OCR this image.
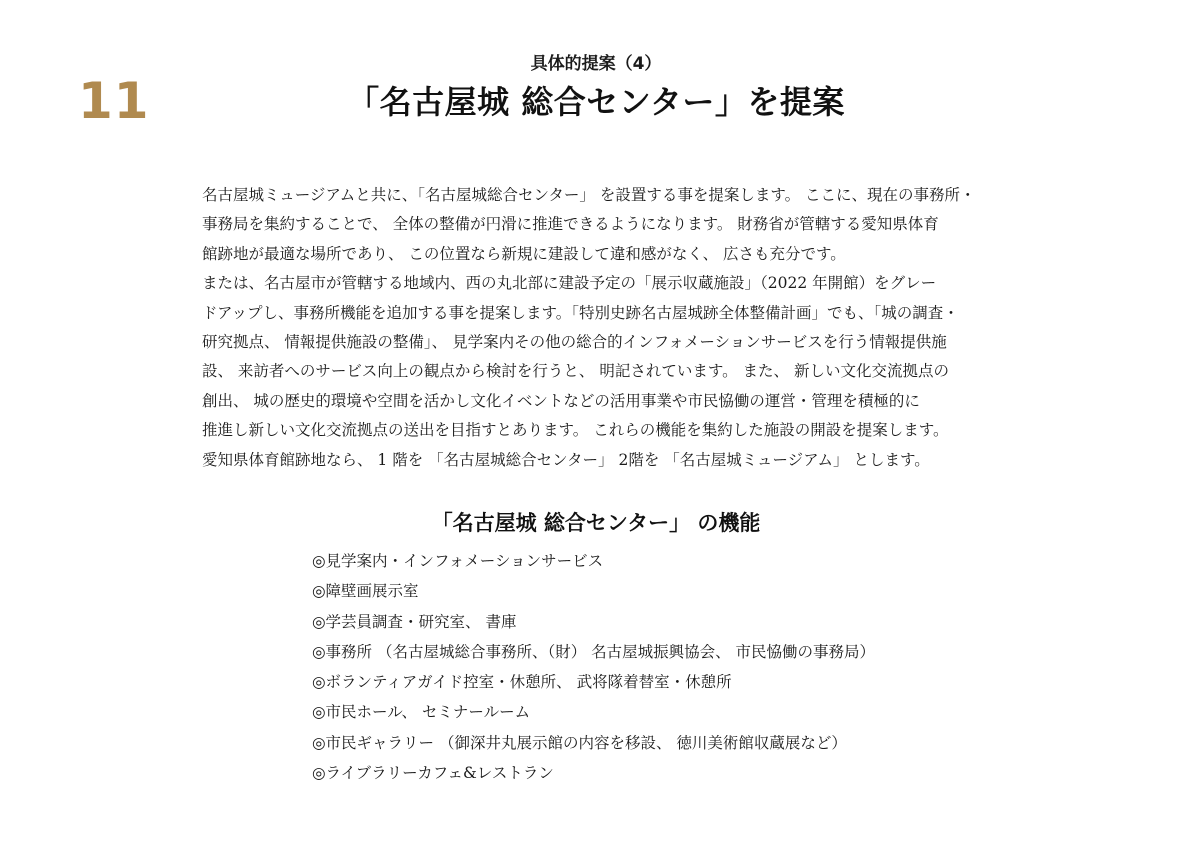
11
具体的提案（4）
「名古屋城 総合センター」を提案
名古屋城ミュージアムと共に、「名古屋城総合センター」 を設置する事を提案します。 ここに、現在の事務所・
事務局を集約することで、 全体の整備が円滑に推進できるようになります。 財務省が管轄する愛知県体育
館跡地が最適な場所であり、 この位置なら新規に建設して違和感がなく、 広さも充分です。
または、名古屋市が管轄する地域内、西の丸北部に建設予定の「展示収蔵施設」（2022 年開館）をグレー
ドアップし、事務所機能を追加する事を提案します。「特別史跡名古屋城跡全体整備計画」でも、「城の調査・
研究拠点、 情報提供施設の整備」、 見学案内その他の総合的インフォメーションサービスを行う情報提供施
設、 来訪者へのサービス向上の観点から検討を行うと、 明記されています。 また、 新しい文化交流拠点の
創出、 城の歴史的環境や空間を活かし文化イベントなどの活用事業や市民恊働の運営・管理を積極的に
推進し新しい文化交流拠点の送出を目指すとあります。 これらの機能を集約した施設の開設を提案します。
愛知県体育館跡地なら、 1 階を 「名古屋城総合センター」 2階を 「名古屋城ミュージアム」 とします。
「名古屋城 総合センター」 の機能
◎見学案内・インフォメーションサービス
◎障壁画展示室
◎学芸員調査・研究室、 書庫
◎事務所 （名古屋城総合事務所、（財） 名古屋城振興協会、 市民恊働の事務局）
◎ボランティアガイド控室・休憩所、 武将隊着替室・休憩所
◎市民ホール、 セミナールーム
◎市民ギャラリー （御深井丸展示館の内容を移設、 徳川美術館収蔵展など）
◎ライブラリーカフェ&レストラン
